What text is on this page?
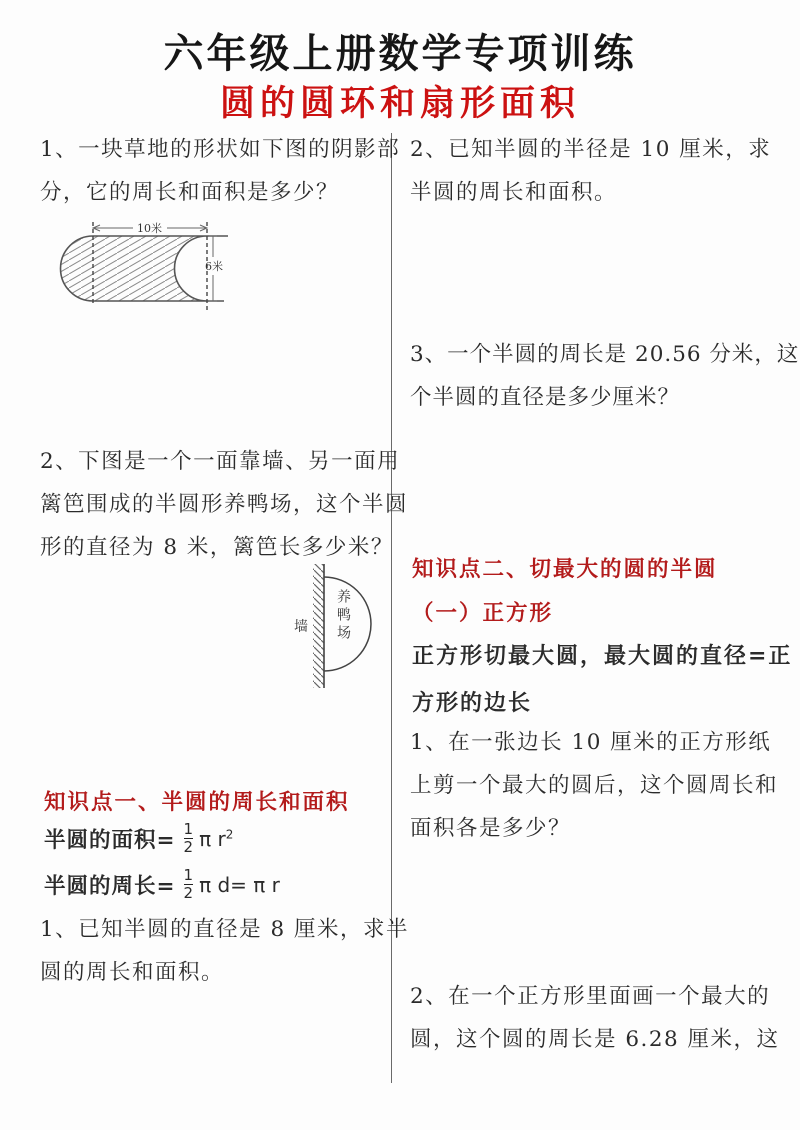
六年级上册数学专项训练
圆的圆环和扇形面积
1、一块草地的形状如下图的阴影部
分，它的周长和面积是多少？
10米
6米
2、下图是一个一面靠墙、另一面用
篱笆围成的半圆形养鸭场，这个半圆
形的直径为 8 米，篱笆长多少米？
墙 养鸭场
知识点一、半圆的周长和面积
半圆的面积= $\frac{1}{2}$ π $r^2$
半圆的周长= $\frac{1}{2}$ π d= π r
1、已知半圆的直径是 8 厘米，求半
圆的周长和面积。
2、已知半圆的半径是 10 厘米，求
半圆的周长和面积。
3、一个半圆的周长是 20.56 分米，这
个半圆的直径是多少厘米？
知识点二、切最大的圆的半圆
（一）正方形
正方形切最大圆，最大圆的直径=正
方形的边长
1、在一张边长 10 厘米的正方形纸
上剪一个最大的圆后，这个圆周长和
面积各是多少？
2、在一个正方形里面画一个最大的
圆，这个圆的周长是 6.28 厘米，这
